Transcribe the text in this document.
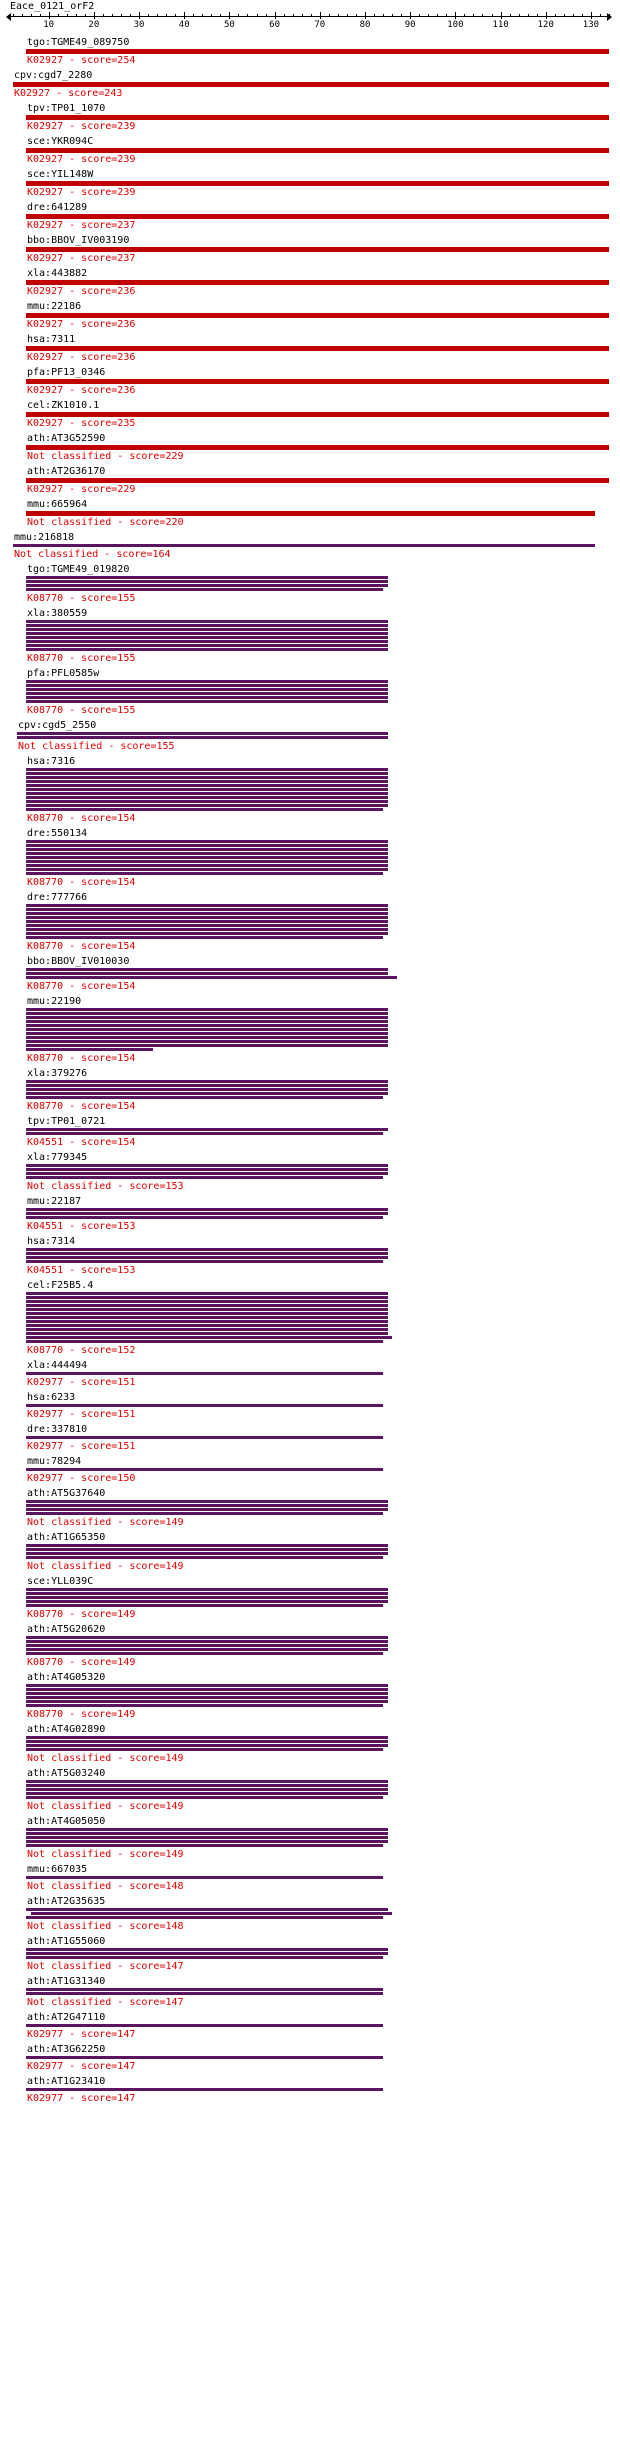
Eace_0121_orF2
10	20	30	40	50	60	70	80	90	100	110	120	130
tgo:TGME49_089750
K02927 - score=254
cpv:cgd7_2280
K02927 - score=243
tpv:TP01_1070
K02927 - score=239
sce:YKR094C
K02927 - score=239
sce:YIL148W
K02927 - score=239
dre:641289
K02927 - score=237
bbo:BBOV_IV003190
K02927 - score=237
xla:443882
K02927 - score=236
mmu:22186
K02927 - score=236
hsa:7311
K02927 - score=236
pfa:PF13_0346
K02927 - score=236
cel:ZK1010.1
K02927 - score=235
ath:AT3G52590
Not classified - score=229
ath:AT2G36170
K02927 - score=229
mmu:665964
Not classified - score=220
mmu:216818
Not classified - score=164
tgo:TGME49_019820
K08770 - score=155
xla:380559
K08770 - score=155
pfa:PFL0585w
K08770 - score=155
cpv:cgd5_2550
Not classified - score=155
hsa:7316
K08770 - score=154
dre:550134
K08770 - score=154
dre:777766
K08770 - score=154
bbo:BBOV_IV010030
K08770 - score=154
mmu:22190
K08770 - score=154
xla:379276
K08770 - score=154
tpv:TP01_0721
K04551 - score=154
xla:779345
Not classified - score=153
mmu:22187
K04551 - score=153
hsa:7314
K04551 - score=153
cel:F25B5.4
K08770 - score=152
xla:444494
K02977 - score=151
hsa:6233
K02977 - score=151
dre:337810
K02977 - score=151
mmu:78294
K02977 - score=150
ath:AT5G37640
Not classified - score=149
ath:AT1G65350
Not classified - score=149
sce:YLL039C
K08770 - score=149
ath:AT5G20620
K08770 - score=149
ath:AT4G05320
K08770 - score=149
ath:AT4G02890
Not classified - score=149
ath:AT5G03240
Not classified - score=149
ath:AT4G05050
Not classified - score=149
mmu:667035
Not classified - score=148
ath:AT2G35635
Not classified - score=148
ath:AT1G55060
Not classified - score=147
ath:AT1G31340
Not classified - score=147
ath:AT2G47110
K02977 - score=147
ath:AT3G62250
K02977 - score=147
ath:AT1G23410
K02977 - score=147
